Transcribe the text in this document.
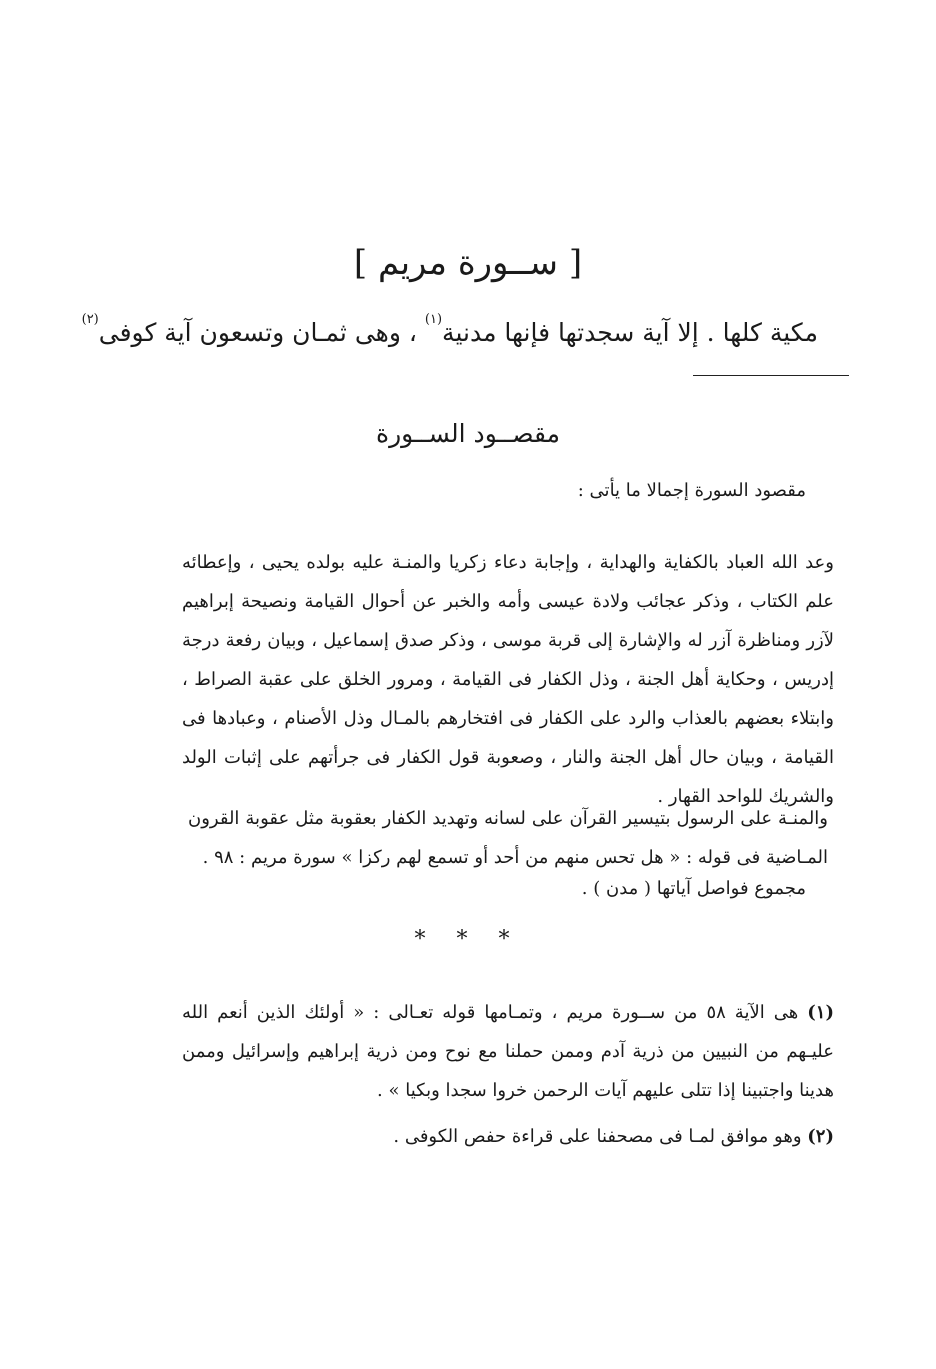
[ ســورة مريم ]
مكية كلها . إلا آية سجدتها فإنها مدنية$^{(١)}$ ، وهى ثمـان وتسعون آية كوفى$^{(٢)}$
مقصــود الســورة
مقصود السورة إجمالا ما يأتى :

وعد الله العباد بالكفاية والهداية ، وإجابة دعاء زكريا والمنـة عليه بولده يحيى ، وإعطائه علم الكتاب ، وذكر عجائب ولادة عيسى وأمه والخبر عن أحوال القيامة ونصيحة إبراهيم لآزر ومناظرة آزر له والإشارة إلى قربة موسى ، وذكر صدق إسماعيل ، وبيان رفعة درجة إدريس ، وحكاية أهل الجنة ، وذل الكفار فى القيامة ، ومرور الخلق على عقبة الصراط ، وابتلاء بعضهم بالعذاب والرد على الكفار فى افتخارهم بالمـال وذل الأصنام ، وعبادها فى القيامة ، وبيان حال أهل الجنة والنار ، وصعوبة قول الكفار فى جرأتهم على إثبات الولد والشريك للواحد القهار .

والمنـة على الرسول بتيسير القرآن على لسانه وتهديد الكفار بعقوبة مثل عقوبة القرون المـاضية فى قوله : « هل تحس منهم من أحد أو تسمع لهم ركزا » سورة مريم : ٩٨ .

مجموع فواصل آياتها ( مدن ) .
* * *

(١) هى الآية ٥٨ من ســورة مريم ، وتمـامها قوله تعـالى : « أولئك الذين أنعم الله عليـهم من النبيين من ذرية آدم وممن حملنا مع نوح ومن ذرية إبراهيم وإسرائيل وممن هدينا واجتبينا إذا تتلى عليهم آيات الرحمن خروا سجدا وبكيا » .

(٢) وهو موافق لمـا فى مصحفنا على قراءة حفص الكوفى .
